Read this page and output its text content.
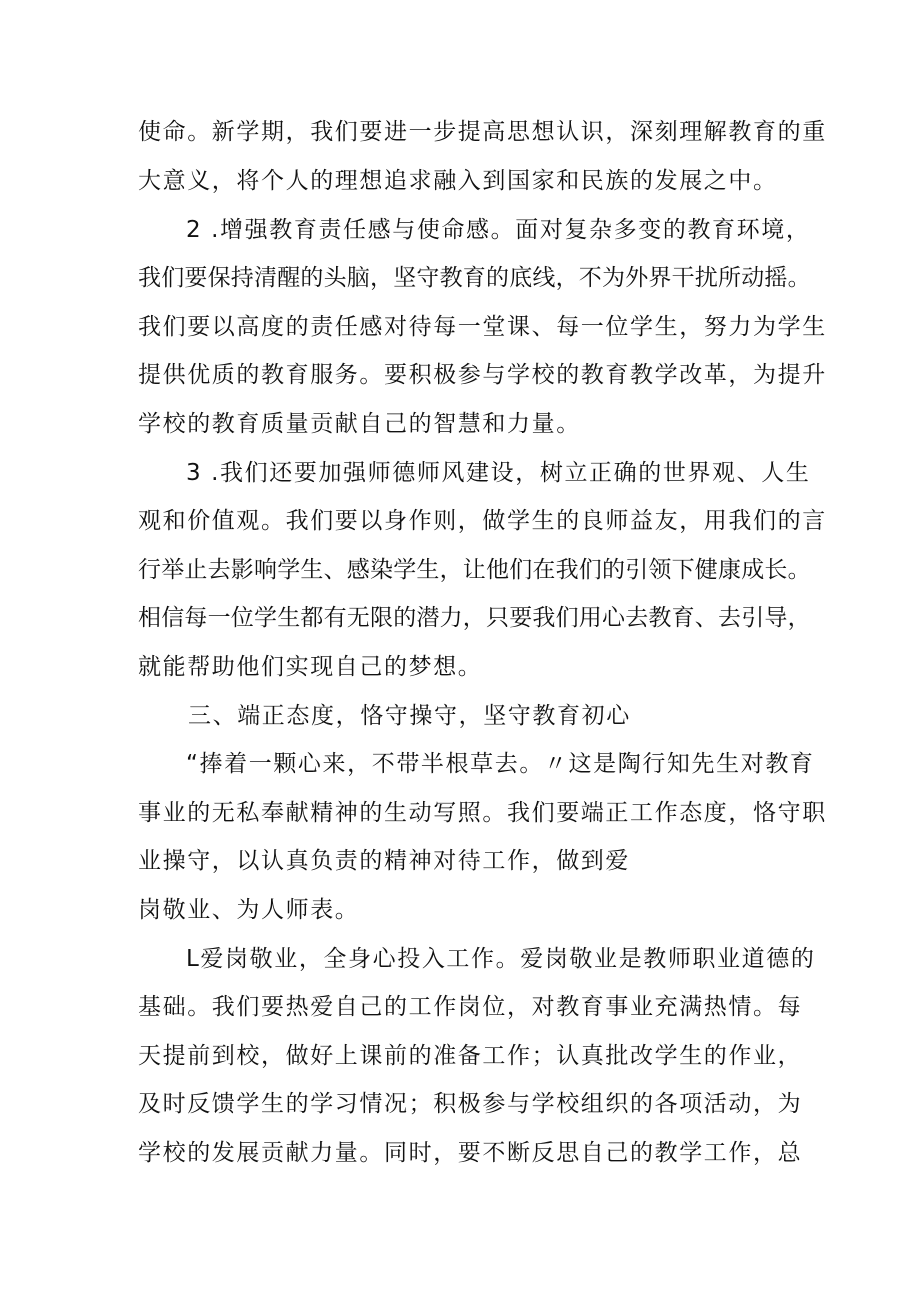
使命。新学期，我们要进一步提高思想认识，深刻理解教育的重
大意义，将个人的理想追求融入到国家和民族的发展之中。
2 .增强教育责任感与使命感。面对复杂多变的教育环境，
我们要保持清醒的头脑，坚守教育的底线，不为外界干扰所动摇。
我们要以高度的责任感对待每一堂课、每一位学生，努力为学生
提供优质的教育服务。要积极参与学校的教育教学改革，为提升
学校的教育质量贡献自己的智慧和力量。
3 .我们还要加强师德师风建设，树立正确的世界观、人生
观和价值观。我们要以身作则，做学生的良师益友，用我们的言
行举止去影响学生、感染学生，让他们在我们的引领下健康成长。
相信每一位学生都有无限的潜力，只要我们用心去教育、去引导，
就能帮助他们实现自己的梦想。
三、端正态度，恪守操守，坚守教育初心
“捧着一颗心来，不带半根草去。〃这是陶行知先生对教育
事业的无私奉献精神的生动写照。我们要端正工作态度，恪守职
业操守，以认真负责的精神对待工作，做到爱
岗敬业、为人师表。
L爱岗敬业，全身心投入工作。爱岗敬业是教师职业道德的
基础。我们要热爱自己的工作岗位，对教育事业充满热情。每
天提前到校，做好上课前的准备工作；认真批改学生的作业，
及时反馈学生的学习情况；积极参与学校组织的各项活动，为
学校的发展贡献力量。同时，要不断反思自己的教学工作，总
